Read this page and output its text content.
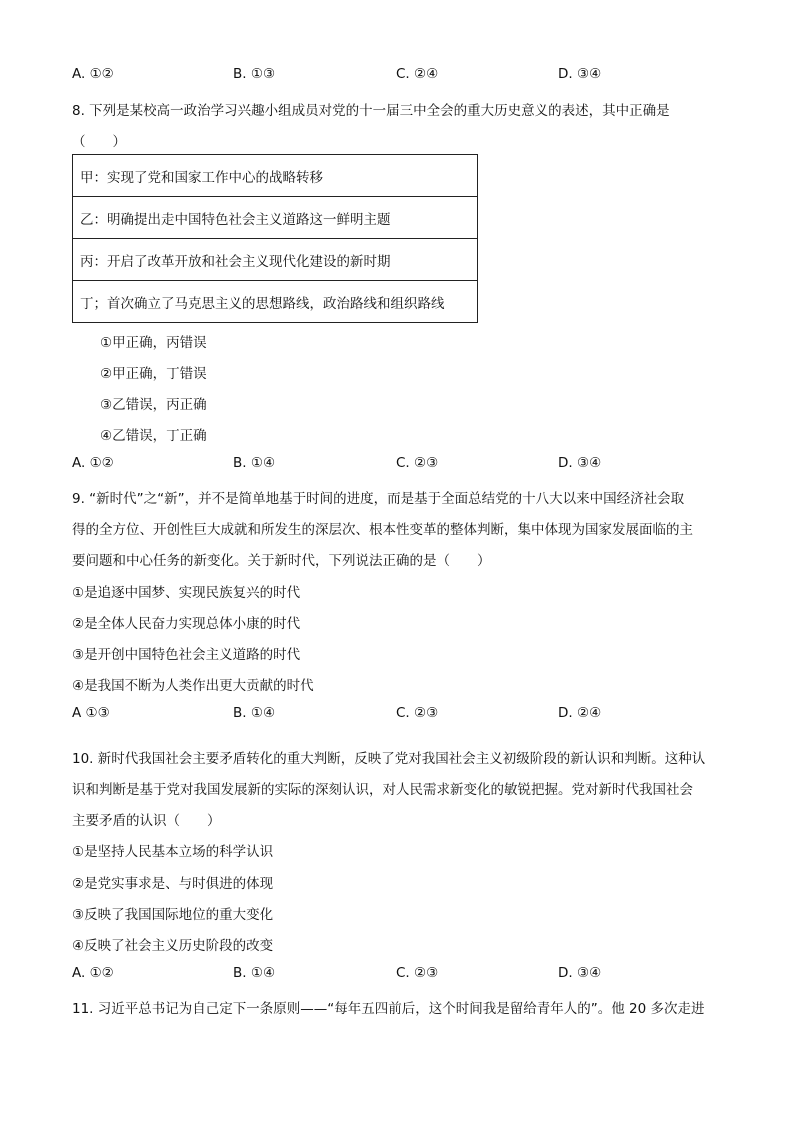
A. ①②	B. ①③	C. ②④	D. ③④
8. 下列是某校高一政治学习兴趣小组成员对党的十一届三中全会的重大历史意义的表述，其中正确是
（　　）
甲：实现了党和国家工作中心的战略转移
乙：明确提出走中国特色社会主义道路这一鲜明主题
丙：开启了改革开放和社会主义现代化建设的新时期
丁；首次确立了马克思主义的思想路线，政治路线和组织路线
①甲正确，丙错误
②甲正确，丁错误
③乙错误，丙正确
④乙错误，丁正确
A. ①②	B. ①④	C. ②③	D. ③④
9. “新时代”之“新”，并不是简单地基于时间的进度，而是基于全面总结党的十八大以来中国经济社会取
得的全方位、开创性巨大成就和所发生的深层次、根本性变革的整体判断，集中体现为国家发展面临的主
要问题和中心任务的新变化。关于新时代，下列说法正确的是（　　）
①是追逐中国梦、实现民族复兴的时代
②是全体人民奋力实现总体小康的时代
③是开创中国特色社会主义道路的时代
④是我国不断为人类作出更大贡献的时代
A ①③	B. ①④	C. ②③	D. ②④
10. 新时代我国社会主要矛盾转化的重大判断，反映了党对我国社会主义初级阶段的新认识和判断。这种认
识和判断是基于党对我国发展新的实际的深刻认识，对人民需求新变化的敏锐把握。党对新时代我国社会
主要矛盾的认识（　　）
①是坚持人民基本立场的科学认识
②是党实事求是、与时俱进的体现
③反映了我国国际地位的重大变化
④反映了社会主义历史阶段的改变
A. ①②	B. ①④	C. ②③	D. ③④
11. 习近平总书记为自己定下一条原则——“每年五四前后，这个时间我是留给青年人的”。他 20 多次走进
